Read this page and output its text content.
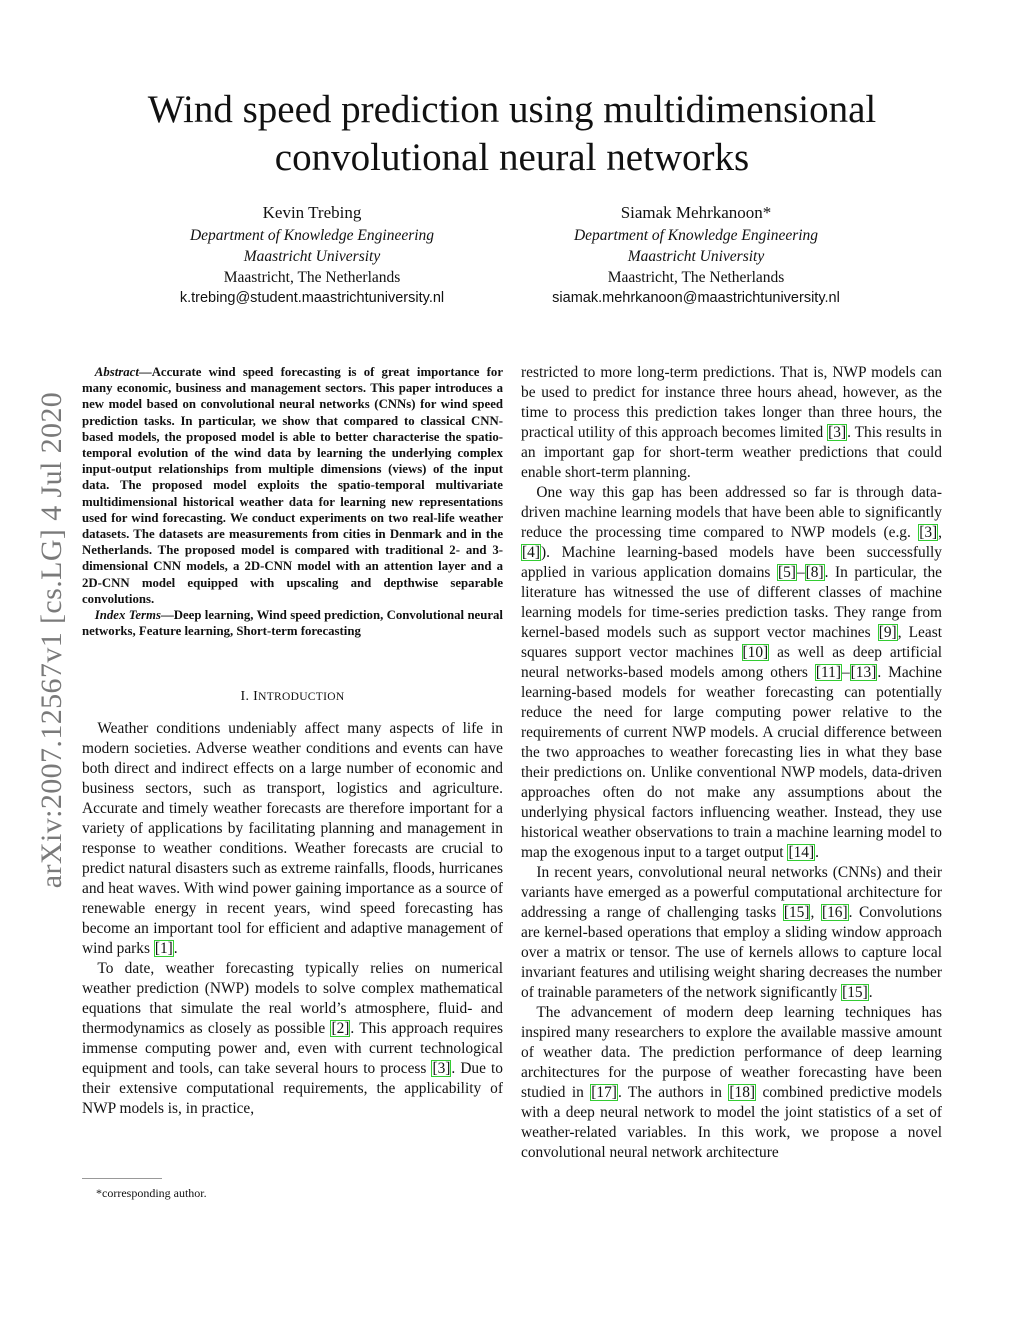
Wind speed prediction using multidimensional
convolutional neural networks
Kevin Trebing
Department of Knowledge Engineering
Maastricht University
Maastricht, The Netherlands
k.trebing@student.maastrichtuniversity.nl
Siamak Mehrkanoon*
Department of Knowledge Engineering
Maastricht University
Maastricht, The Netherlands
siamak.mehrkanoon@maastrichtuniversity.nl
arXiv:2007.12567v1 [cs.LG] 4 Jul 2020

Abstract—Accurate wind speed forecasting is of great importance for many economic, business and management sectors. This paper introduces a new model based on convolutional neural networks (CNNs) for wind speed prediction tasks. In particular, we show that compared to classical CNN-based models, the proposed model is able to better characterise the spatio-temporal evolution of the wind data by learning the underlying complex input-output relationships from multiple dimensions (views) of the input data. The proposed model exploits the spatio-temporal multivariate multidimensional historical weather data for learning new representations used for wind forecasting. We conduct experiments on two real-life weather datasets. The datasets are measurements from cities in Denmark and in the Netherlands. The proposed model is compared with traditional 2- and 3-dimensional CNN models, a 2D-CNN model with an attention layer and a 2D-CNN model equipped with upscaling and depthwise separable convolutions.

Index Terms—Deep learning, Wind speed prediction, Convolutional neural networks, Feature learning, Short-term forecasting

I. INTRODUCTION

Weather conditions undeniably affect many aspects of life in modern societies. Adverse weather conditions and events can have both direct and indirect effects on a large number of economic and business sectors, such as transport, logistics and agriculture. Accurate and timely weather forecasts are therefore important for a variety of applications by facilitating planning and management in response to weather conditions. Weather forecasts are crucial to predict natural disasters such as extreme rainfalls, floods, hurricanes and heat waves. With wind power gaining importance as a source of renewable energy in recent years, wind speed forecasting has become an important tool for efficient and adaptive management of wind parks [1].

To date, weather forecasting typically relies on numerical weather prediction (NWP) models to solve complex mathematical equations that simulate the real world’s atmosphere, fluid- and thermodynamics as closely as possible [2]. This approach requires immense computing power and, even with current technological equipment and tools, can take several hours to process [3]. Due to their extensive computational requirements, the applicability of NWP models is, in practice,

restricted to more long-term predictions. That is, NWP models can be used to predict for instance three hours ahead, however, as the time to process this prediction takes longer than three hours, the practical utility of this approach becomes limited [3]. This results in an important gap for short-term weather predictions that could enable short-term planning.

One way this gap has been addressed so far is through data-driven machine learning models that have been able to significantly reduce the processing time compared to NWP models (e.g. [3], [4]). Machine learning-based models have been successfully applied in various application domains [5]–[8]. In particular, the literature has witnessed the use of different classes of machine learning models for time-series prediction tasks. They range from kernel-based models such as support vector machines [9], Least squares support vector machines [10] as well as deep artificial neural networks-based models among others [11]–[13]. Machine learning-based models for weather forecasting can potentially reduce the need for large computing power relative to the requirements of current NWP models. A crucial difference between the two approaches to weather forecasting lies in what they base their predictions on. Unlike conventional NWP models, data-driven approaches often do not make any assumptions about the underlying physical factors influencing weather. Instead, they use historical weather observations to train a machine learning model to map the exogenous input to a target output [14].

In recent years, convolutional neural networks (CNNs) and their variants have emerged as a powerful computational architecture for addressing a range of challenging tasks [15], [16]. Convolutions are kernel-based operations that employ a sliding window approach over a matrix or tensor. The use of kernels allows to capture local invariant features and utilising weight sharing decreases the number of trainable parameters of the network significantly [15].

The advancement of modern deep learning techniques has inspired many researchers to explore the available massive amount of weather data. The prediction performance of deep learning architectures for the purpose of weather forecasting have been studied in [17]. The authors in [18] combined predictive models with a deep neural network to model the joint statistics of a set of weather-related variables. In this work, we propose a novel convolutional neural network architecture

*corresponding author.
